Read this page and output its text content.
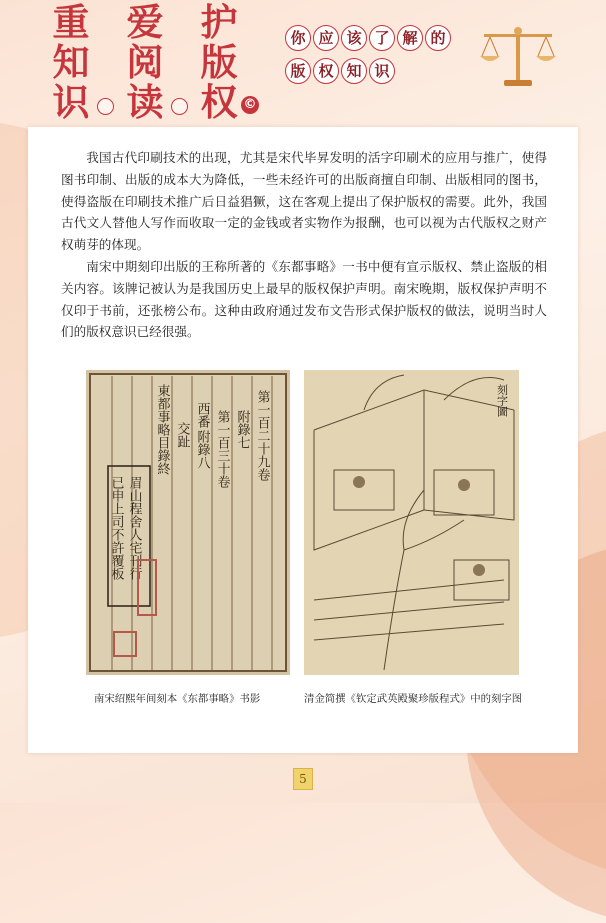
重
知
识
爱
阅
读
护
版
权 ©
你 应 该 了 解 的
版 权 知 识

我国古代印刷技术的出现，尤其是宋代毕昇发明的活字印刷术的应用与推广，使得图书印制、出版的成本大为降低，一些未经许可的出版商擅自印制、出版相同的图书，使得盗版在印刷技术推广后日益猖獗，这在客观上提出了保护版权的需要。此外，我国古代文人替他人写作而收取一定的金钱或者实物作为报酬，也可以视为古代版权之财产权萌芽的体现。

南宋中期刻印出版的王称所著的《东都事略》一书中便有宣示版权、禁止盗版的相关内容。该牌记被认为是我国历史上最早的版权保护声明。南宋晚期，版权保护声明不仅印于书前，还张榜公布。这种由政府通过发布文告形式保护版权的做法，说明当时人们的版权意识已经很强。

第一百二十九卷
附錄七
第一百三十卷
附錄八
西番
交趾
東都事略目錄終
眉山程舍人宅刊行
已申上司不許覆板
刻字圖
南宋绍熙年间刻本《东都事略》书影	清金简撰《钦定武英殿聚珍版程式》中的刻字图
5
